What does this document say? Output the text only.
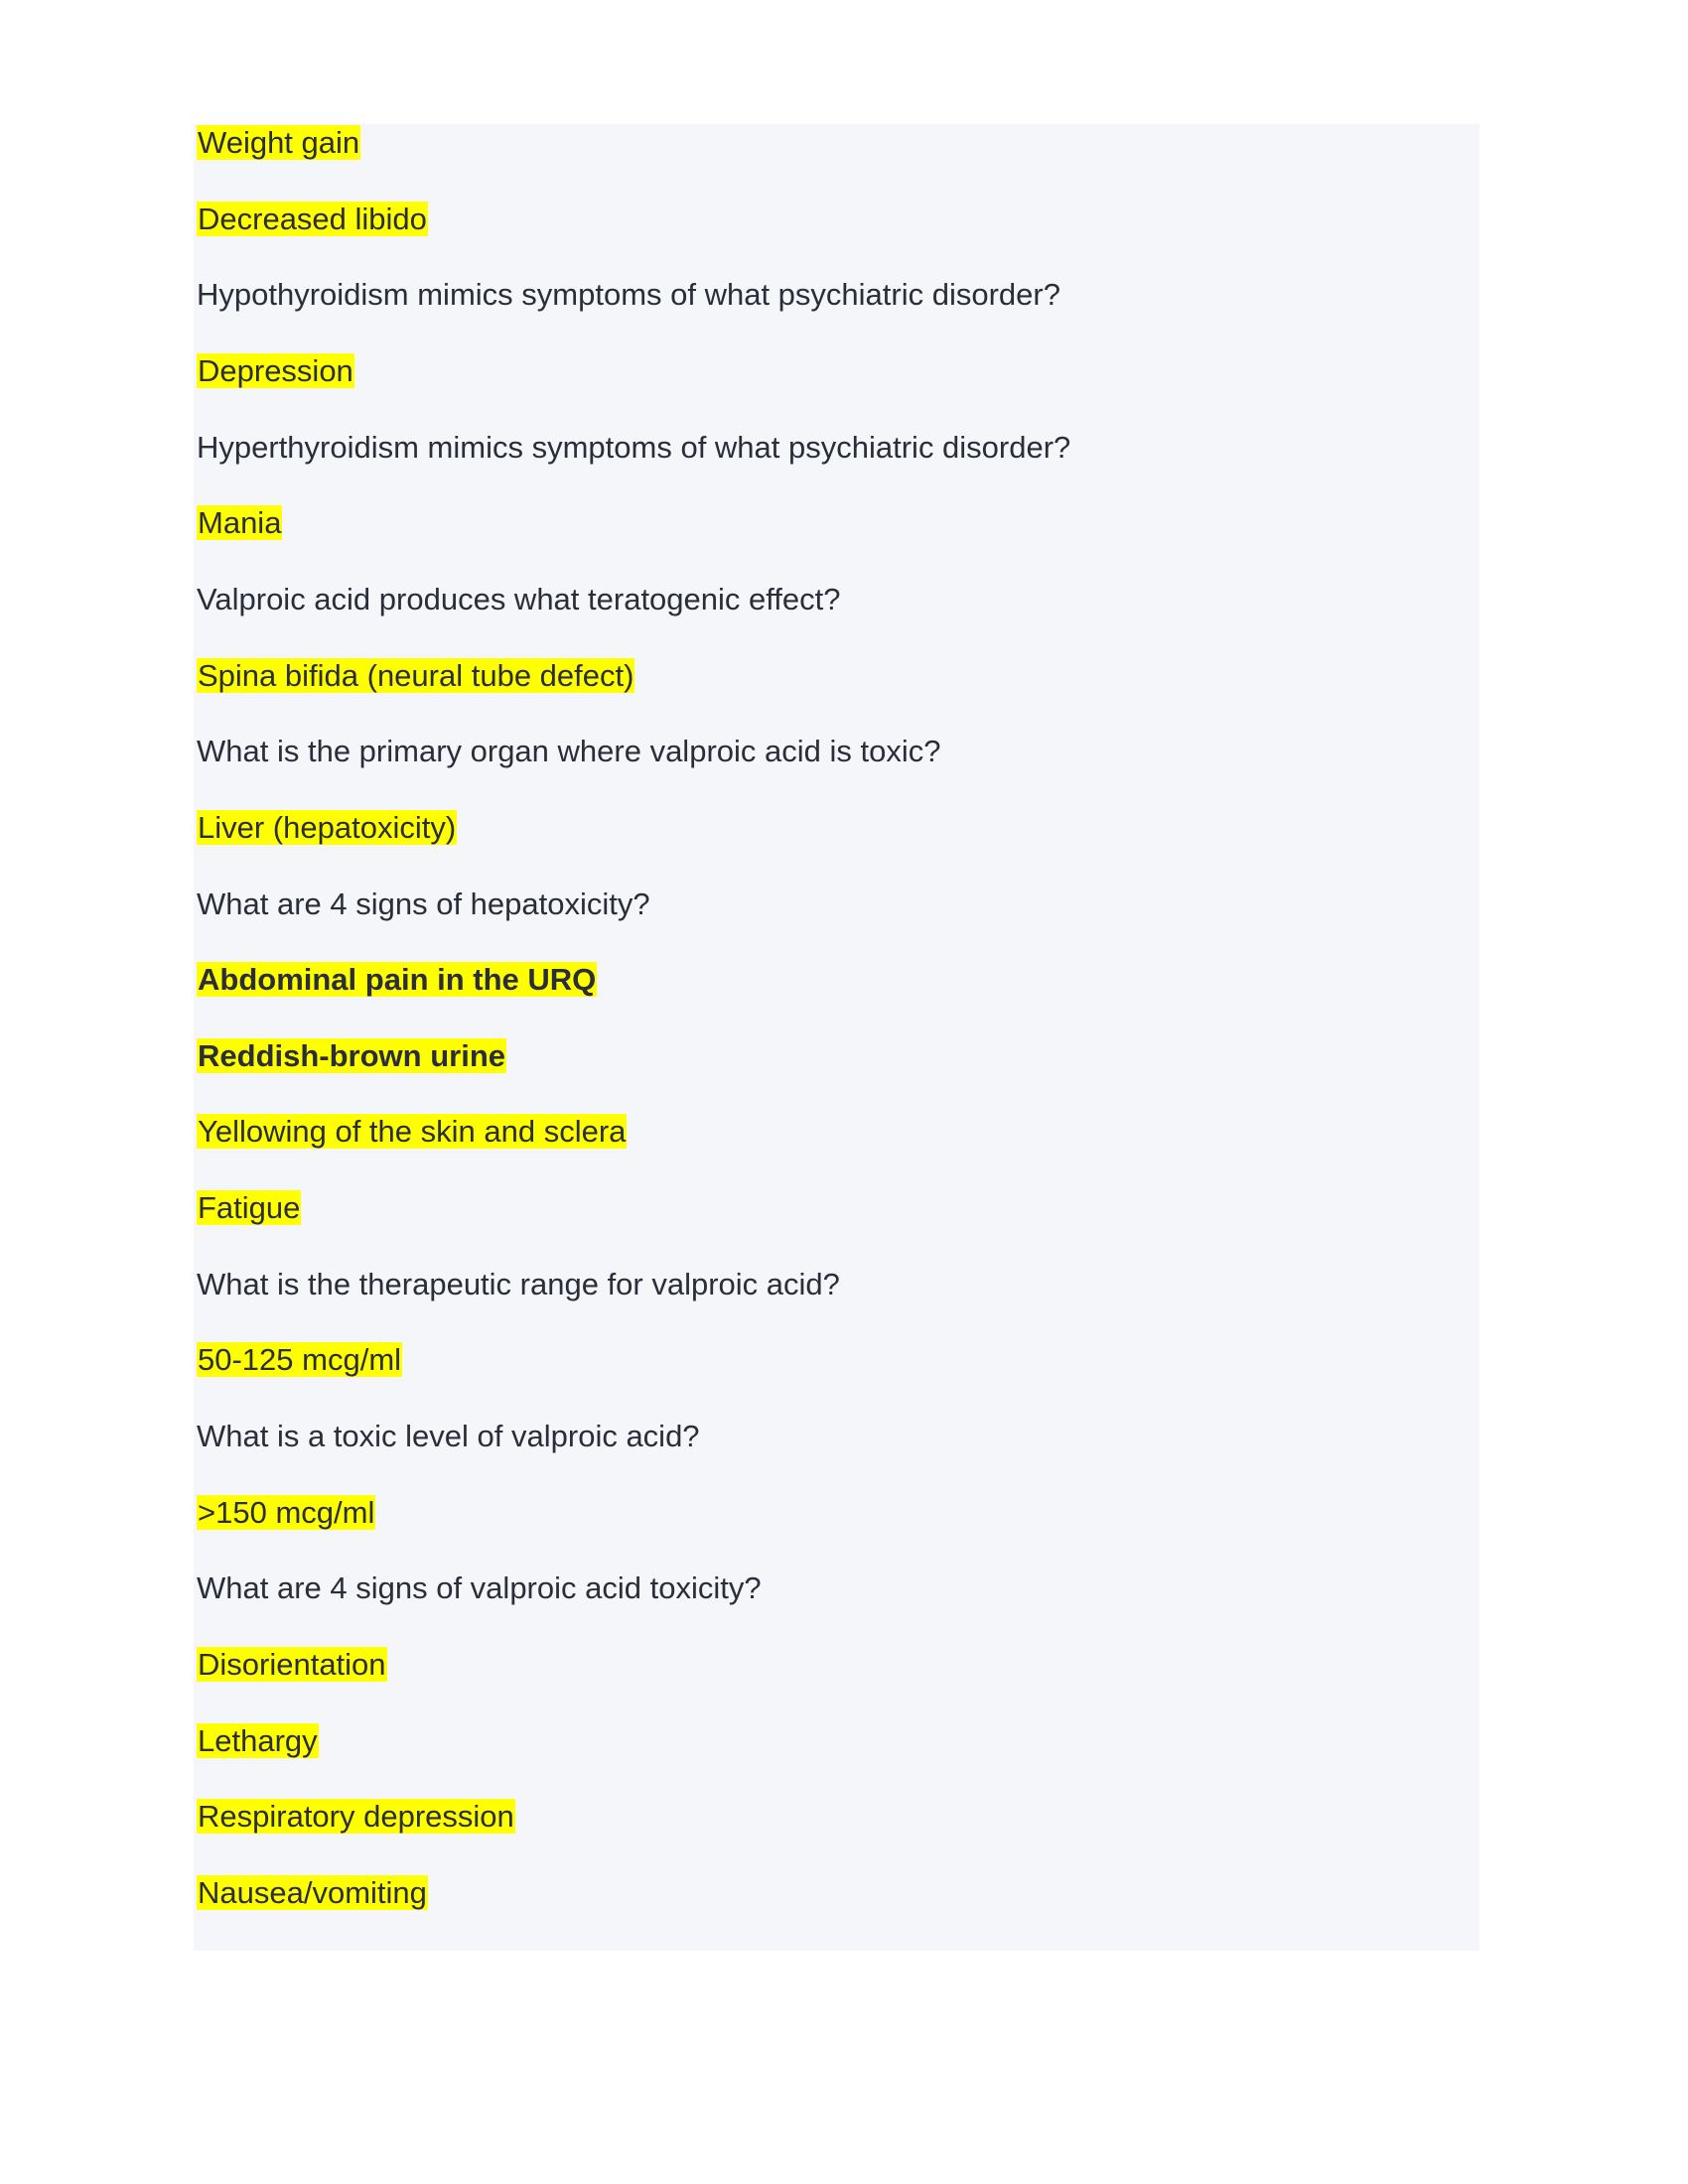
Weight gain
Decreased libido
Hypothyroidism mimics symptoms of what psychiatric disorder?
Depression
Hyperthyroidism mimics symptoms of what psychiatric disorder?
Mania
Valproic acid produces what teratogenic effect?
Spina bifida (neural tube defect)
What is the primary organ where valproic acid is toxic?
Liver (hepatoxicity)
What are 4 signs of hepatoxicity?
Abdominal pain in the URQ
Reddish-brown urine
Yellowing of the skin and sclera
Fatigue
What is the therapeutic range for valproic acid?
50-125 mcg/ml
What is a toxic level of valproic acid?
>150 mcg/ml
What are 4 signs of valproic acid toxicity?
Disorientation
Lethargy
Respiratory depression
Nausea/vomiting
